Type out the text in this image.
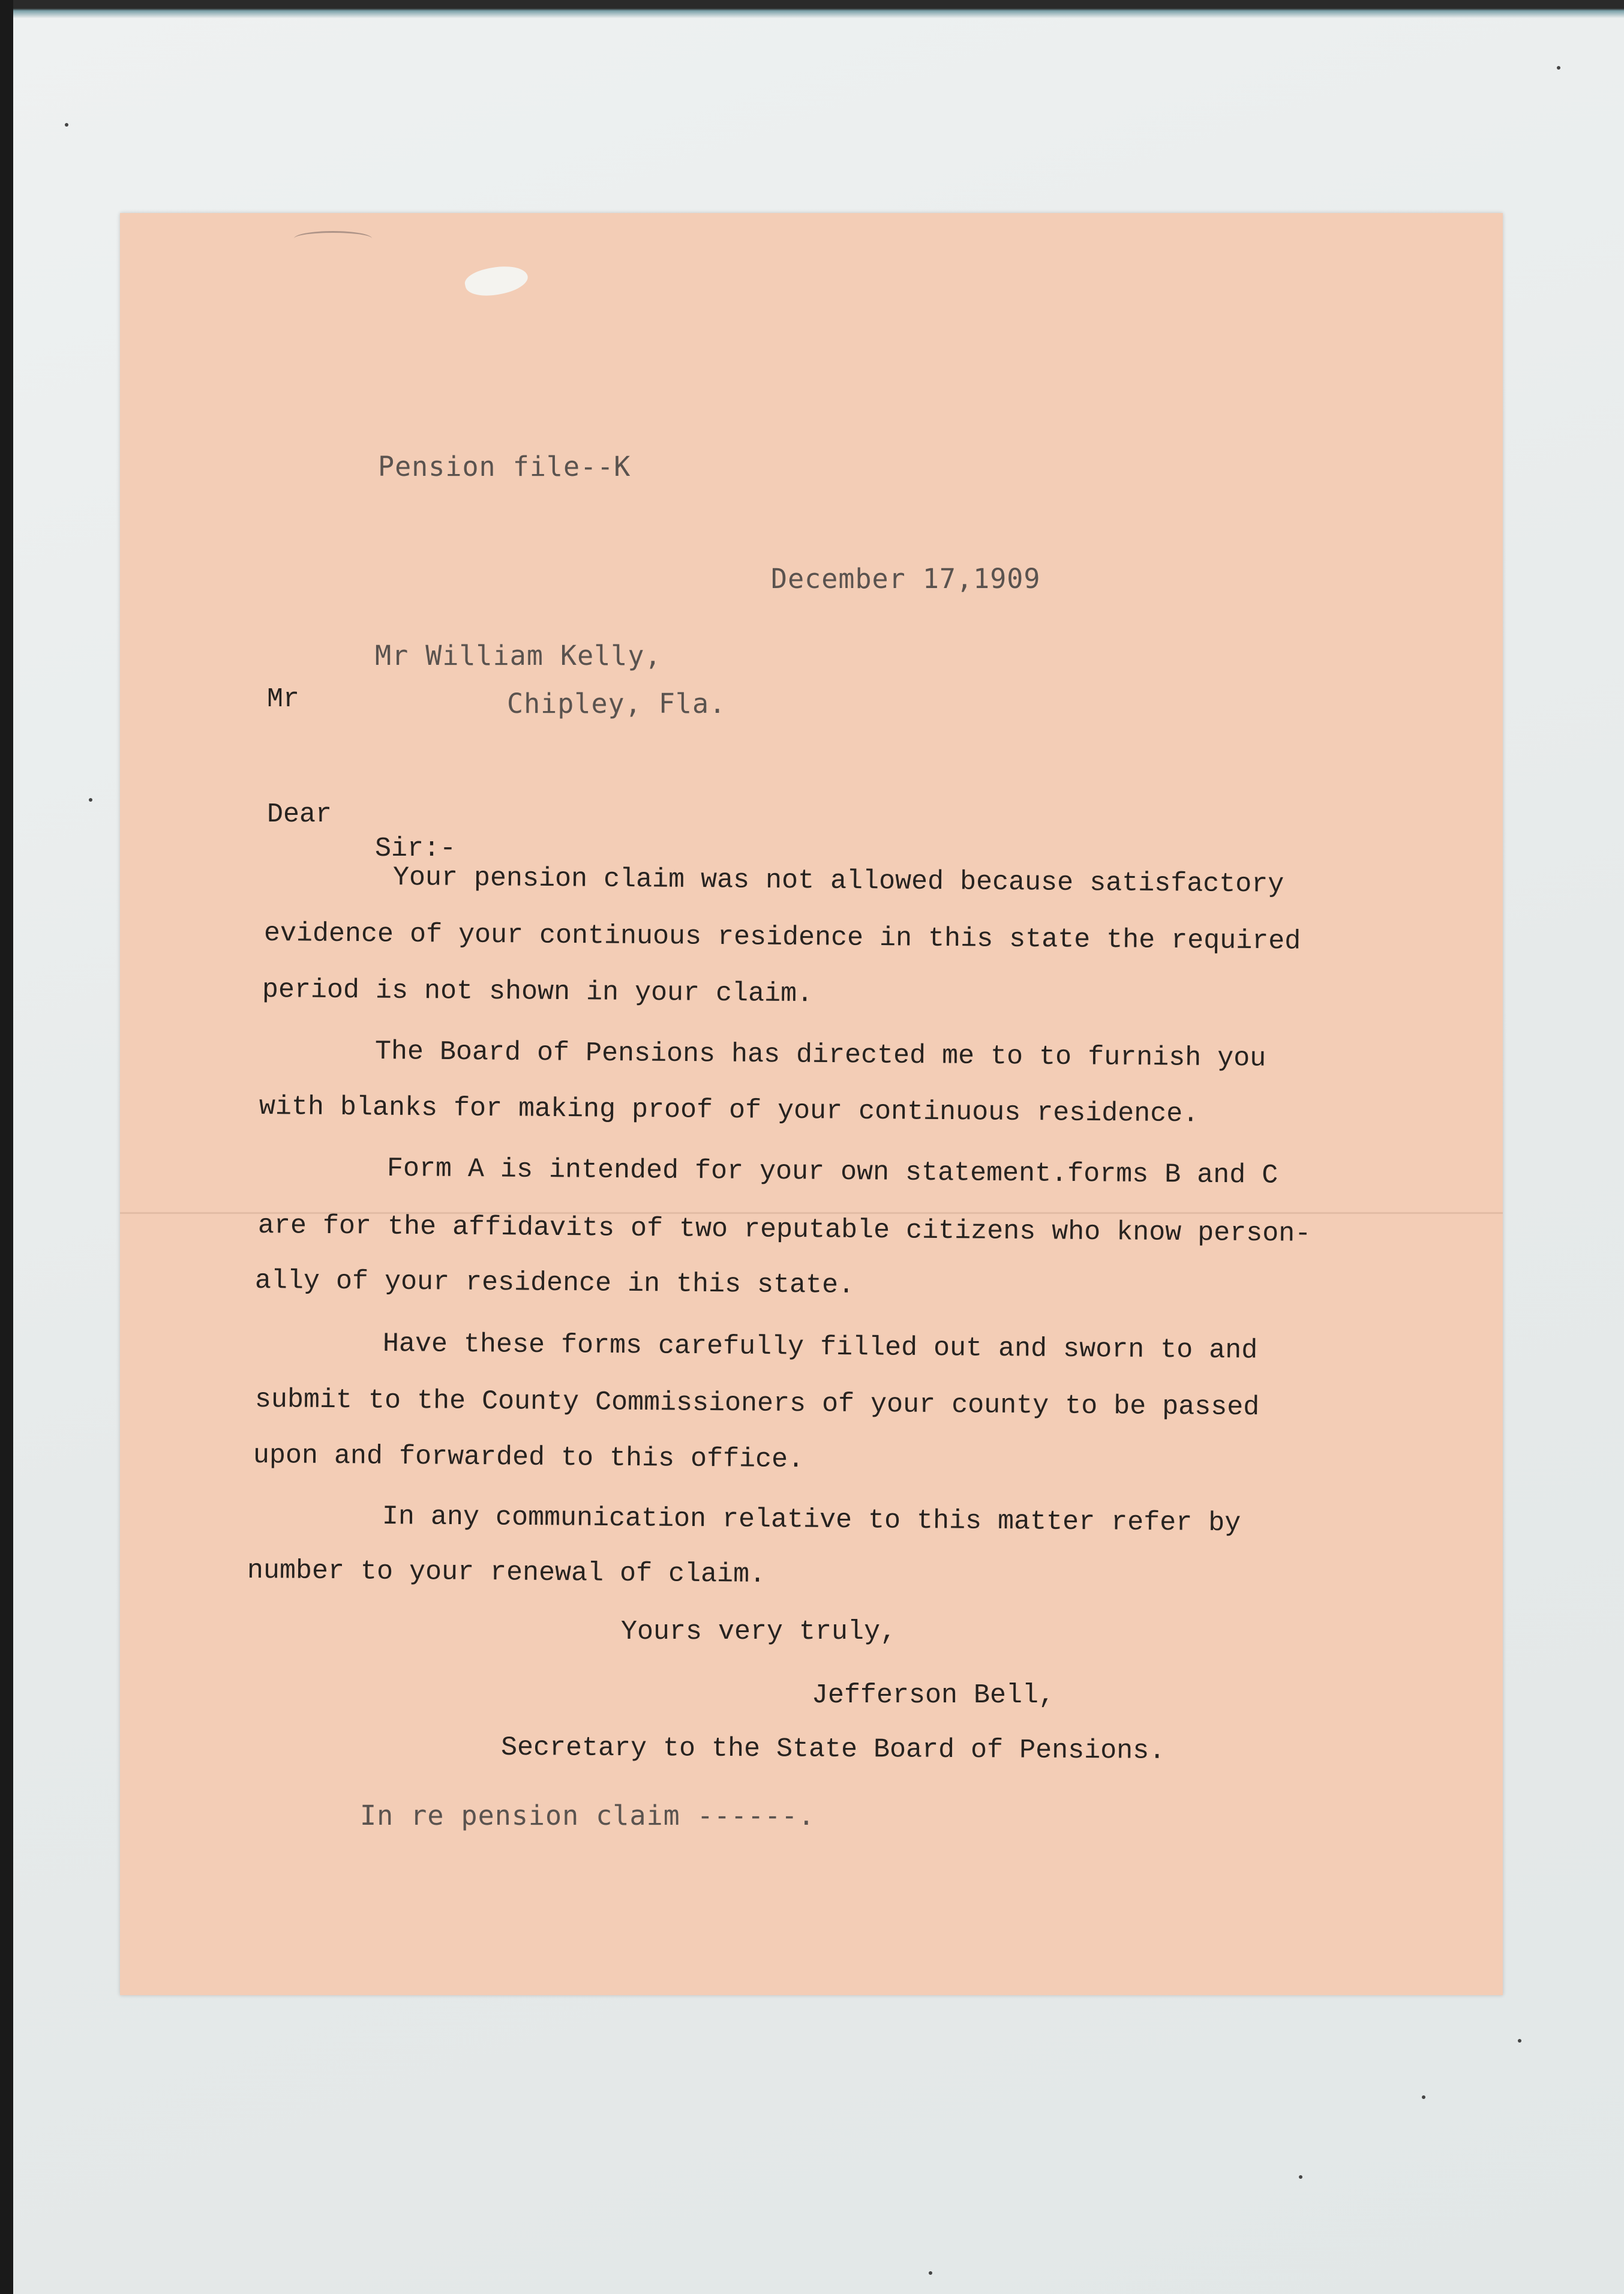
Pension file--K
December 17,1909
Mr William Kelly,
Mr	Chipley, Fla.
Dear
Sir:-
Your pension claim was not allowed because satisfactory
evidence of your continuous residence in this state the required
period is not shown in your claim.
The Board of Pensions has directed me to to furnish you
with blanks for making proof of your continuous residence.
Form A is intended for your own statement.forms B and C
are for the affidavits of two reputable citizens who know person-
ally of your residence in this state.
Have these forms carefully filled out and sworn to and
submit to the County Commissioners of your county to be passed
upon and forwarded to this office.
In any communication relative to this matter refer by
number to your renewal of claim.
Yours very truly,
Jefferson Bell,
Secretary to the State Board of Pensions.
In re pension claim ------.
